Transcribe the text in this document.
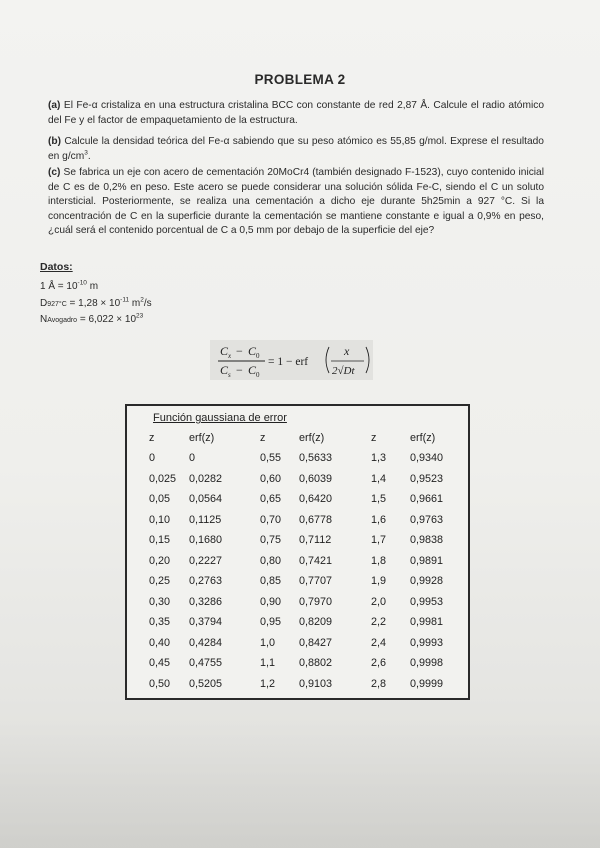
PROBLEMA 2
(a) El Fe-α cristaliza en una estructura cristalina BCC con constante de red 2,87 Å. Calcule el radio atómico del Fe y el factor de empaquetamiento de la estructura.
(b) Calcule la densidad teórica del Fe-α sabiendo que su peso atómico es 55,85 g/mol. Exprese el resultado en $g/cm^3$.
(c) Se fabrica un eje con acero de cementación 20MoCr4 (también designado F-1523), cuyo contenido inicial de C es de 0,2% en peso. Este acero se puede considerar una solución sólida Fe-C, siendo el C un soluto intersticial. Posteriormente, se realiza una cementación a dicho eje durante 5h25min a 927 °C. Si la concentración de C en la superficie durante la cementación se mantiene constante e igual a 0,9% en peso, ¿cuál será el contenido porcentual de C a 0,5 mm por debajo de la superficie del eje?
Datos:
1 Å = $10^{-10}$ m
$D927^\circ C = 1,28 \times 10^{-11}$ $m^2/s$
NAvogadro = $6,022 \times 10^{23}$
C x − C 0
C s − C 0
= 1 − erf
x
2√Dt
Función gaussiana de error
z	erf(z)	z	erf(z)	z	erf(z)
0	0	0,55 0,5633	1,3 0,9340
0,025 0,0282	0,60 0,6039	1,4 0,9523
0,05 0,0564	0,65 0,6420	1,5 0,9661
0,10 0,1125	0,70 0,6778	1,6 0,9763
0,15 0,1680	0,75 0,7112	1,7 0,9838
0,20 0,2227	0,80 0,7421	1,8 0,9891
0,25 0,2763	0,85 0,7707	1,9 0,9928
0,30 0,3286	0,90 0,7970	2,0 0,9953
0,35 0,3794	0,95 0,8209	2,2 0,9981
0,40 0,4284	1,0 0,8427	2,4 0,9993
0,45 0,4755	1,1 0,8802	2,6 0,9998
0,50 0,5205	1,2 0,9103	2,8 0,9999
